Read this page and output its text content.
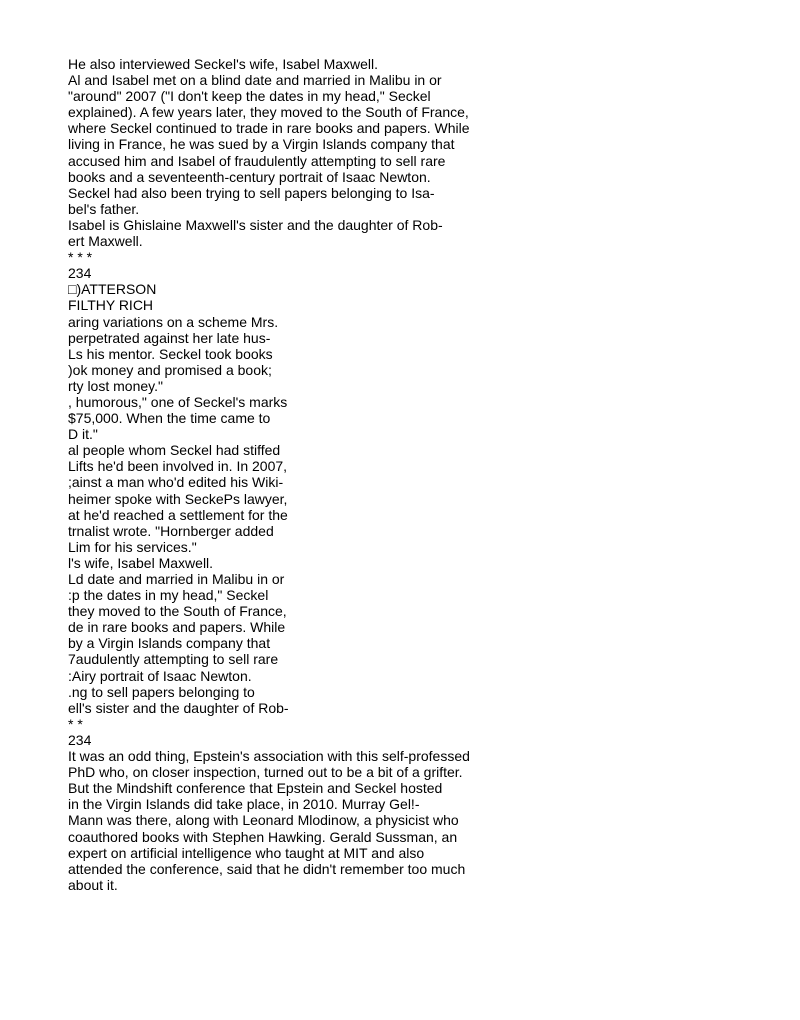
He also interviewed Seckel's wife, Isabel Maxwell.
Al and Isabel met on a blind date and married in Malibu in or
"around" 2007 ("I don't keep the dates in my head," Seckel
explained). A few years later, they moved to the South of France,
where Seckel continued to trade in rare books and papers. While
living in France, he was sued by a Virgin Islands company that
accused him and Isabel of fraudulently attempting to sell rare
books and a seventeenth-century portrait of Isaac Newton.
Seckel had also been trying to sell papers belonging to Isa-
bel's father.
Isabel is Ghislaine Maxwell's sister and the daughter of Rob-
ert Maxwell.
* * *
234
□)ATTERSON
FILTHY RICH
aring variations on a scheme Mrs.
perpetrated against her late hus-
Ls his mentor. Seckel took books
)ok money and promised a book;
rty lost money."
, humorous," one of Seckel's marks
$75,000. When the time came to
D it."
al people whom Seckel had stiffed
Lifts he'd been involved in. In 2007,
;ainst a man who'd edited his Wiki-
heimer spoke with SeckePs lawyer,
at he'd reached a settlement for the
trnalist wrote. "Hornberger added
Lim for his services."
l's wife, Isabel Maxwell.
Ld date and married in Malibu in or
:p the dates in my head," Seckel
they moved to the South of France,
de in rare books and papers. While
by a Virgin Islands company that
7audulently attempting to sell rare
:Airy portrait of Isaac Newton.
.ng to sell papers belonging to
ell's sister and the daughter of Rob-
* *
234
It was an odd thing, Epstein's association with this self-professed
PhD who, on closer inspection, turned out to be a bit of a grifter.
But the Mindshift conference that Epstein and Seckel hosted
in the Virgin Islands did take place, in 2010. Murray Gel!-
Mann was there, along with Leonard Mlodinow, a physicist who
coauthored books with Stephen Hawking. Gerald Sussman, an
expert on artificial intelligence who taught at MIT and also
attended the conference, said that he didn't remember too much
about it.
